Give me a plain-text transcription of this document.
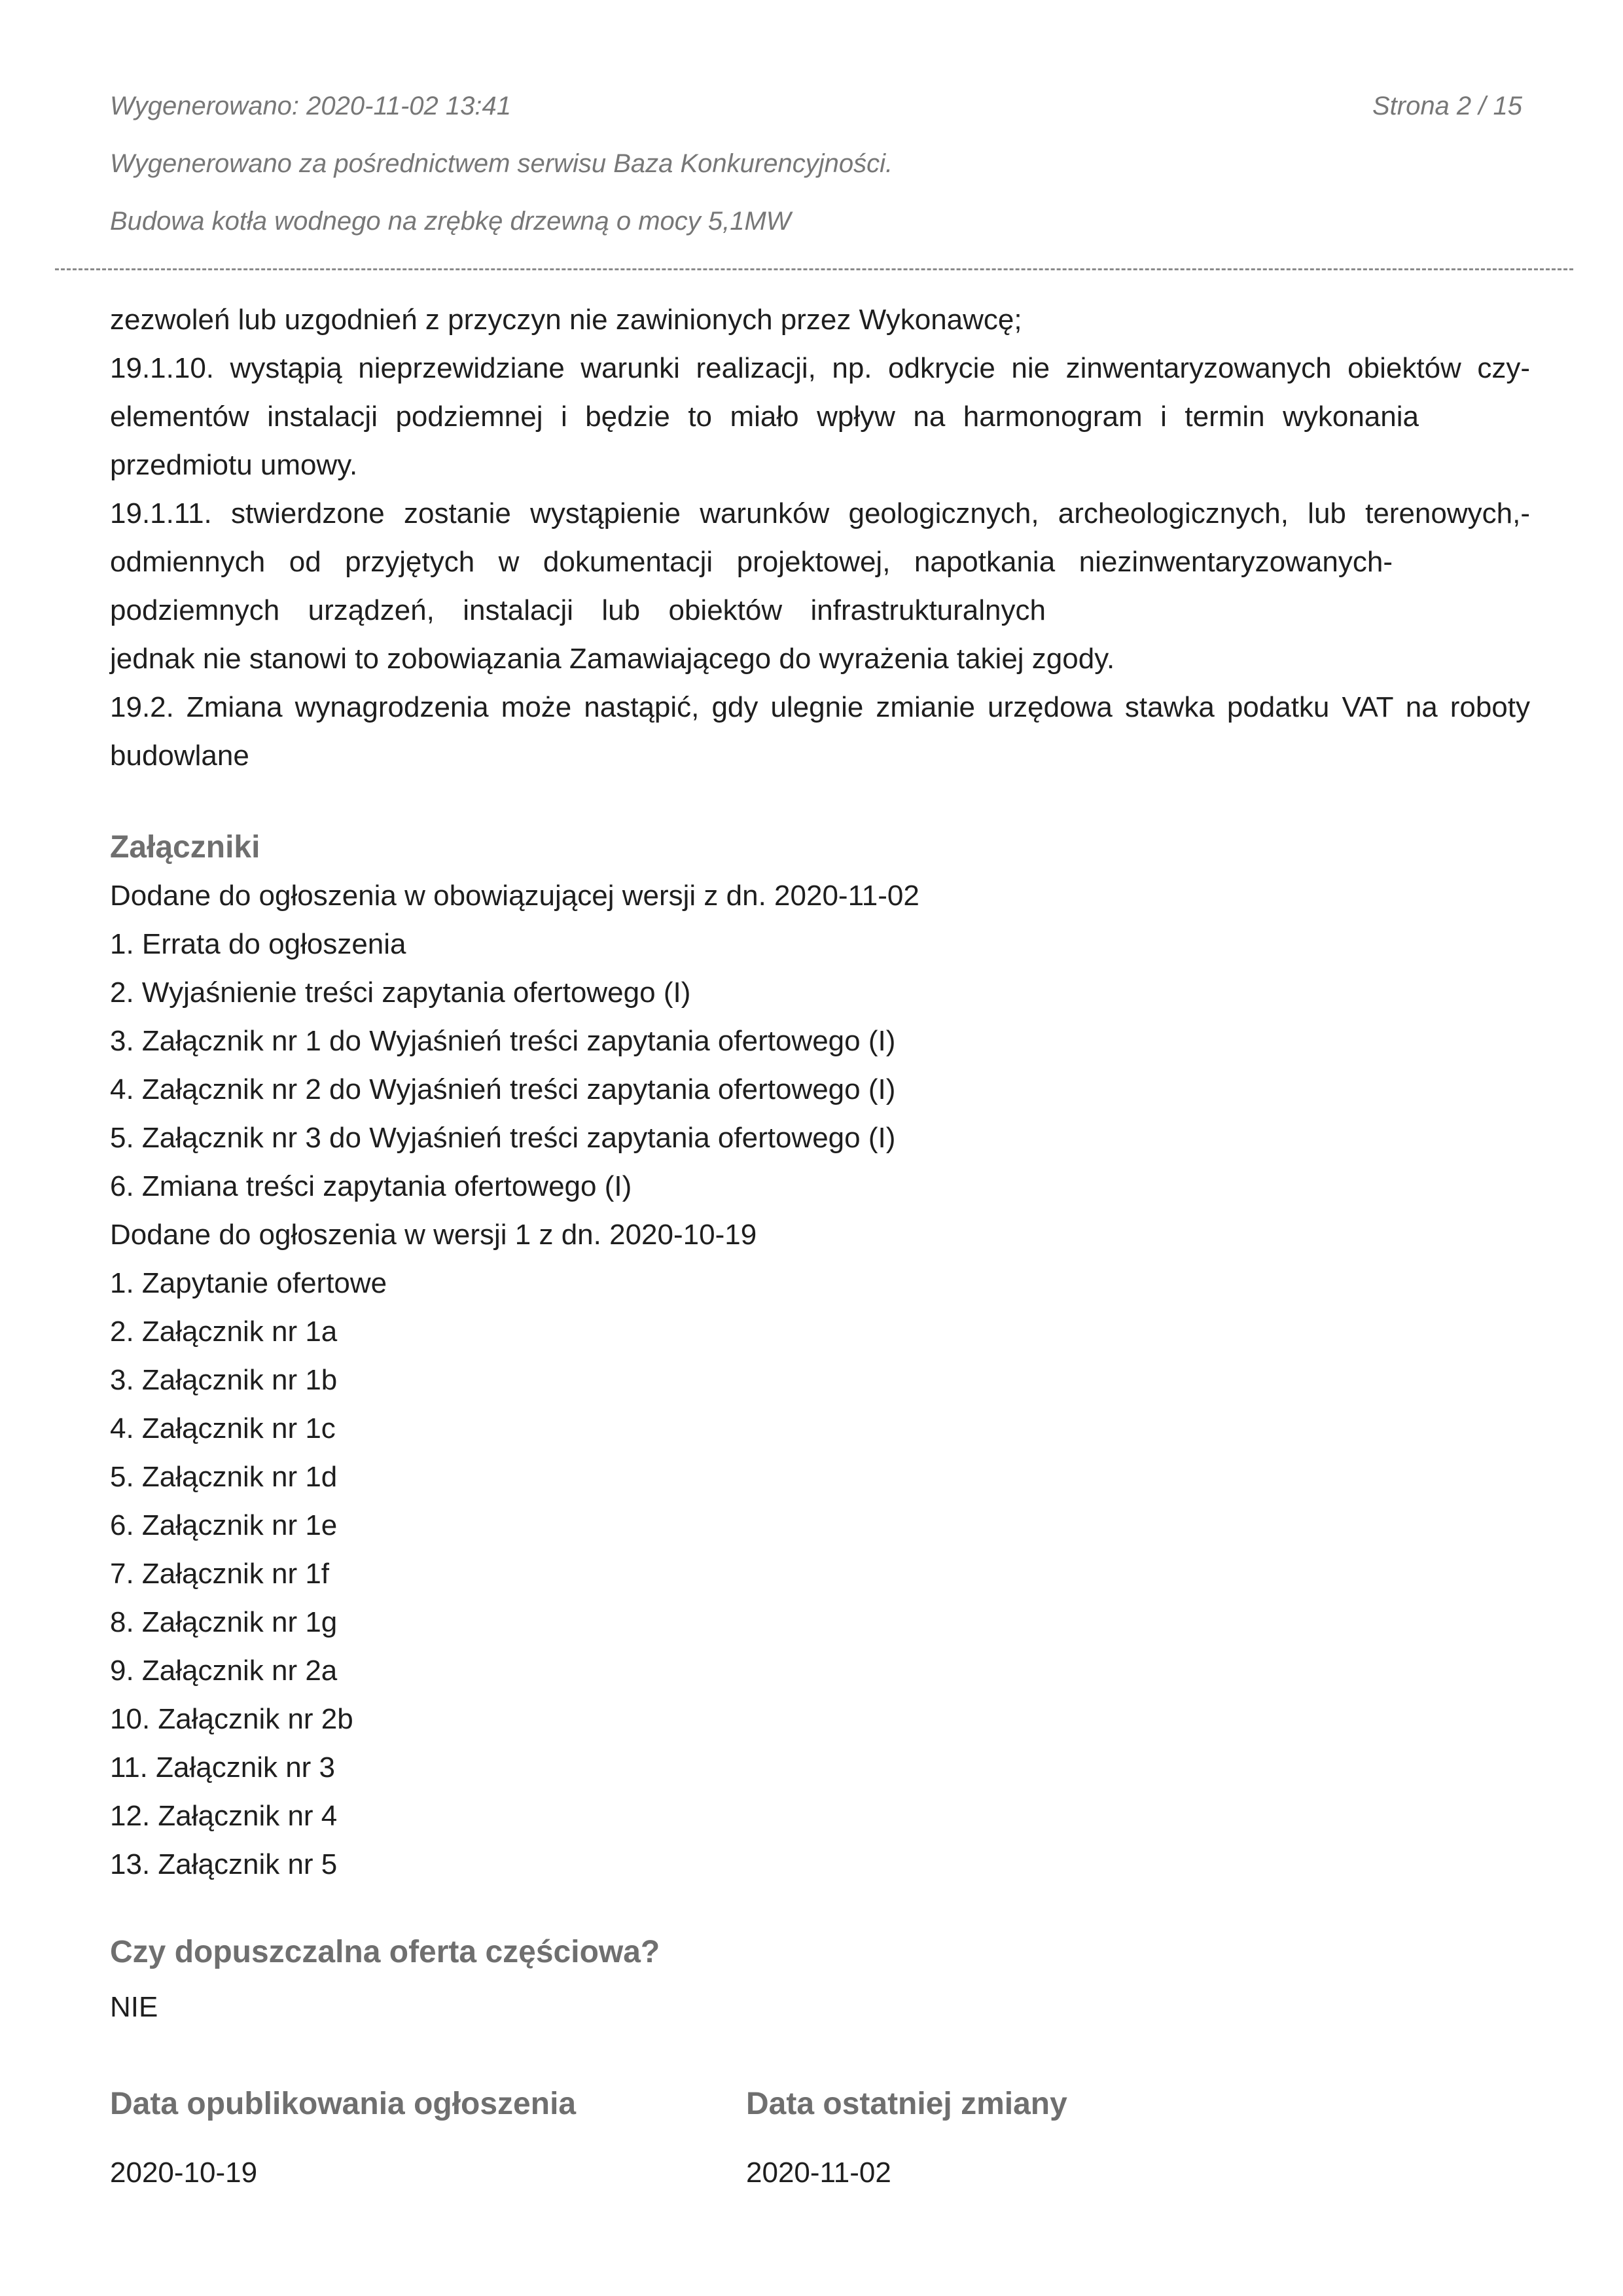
Wygenerowano: 2020-11-02 13:41	Strona 2 / 15
Wygenerowano za pośrednictwem serwisu Baza Konkurencyjności.
Budowa kotła wodnego na zrębkę drzewną o mocy 5,1MW

zezwoleń lub uzgodnień z przyczyn nie zawinionych przez Wykonawcę;

19.1.10. wystąpią nieprzewidziane warunki realizacji, np. odkrycie nie zinwentaryzowanych obiektów czy-

elementów instalacji podziemnej i będzie to miało wpływ na harmonogram i termin wykonania

przedmiotu umowy.

19.1.11. stwierdzone zostanie wystąpienie warunków geologicznych, archeologicznych, lub terenowych,-

odmiennych od przyjętych w dokumentacji projektowej, napotkania niezinwentaryzowanych-

podziemnych urządzeń, instalacji lub obiektów infrastrukturalnych

jednak nie stanowi to zobowiązania Zamawiającego do wyrażenia takiej zgody.

19.2. Zmiana wynagrodzenia może nastąpić, gdy ulegnie zmianie urzędowa stawka podatku VAT na roboty

budowlane

Załączniki

Dodane do ogłoszenia w obowiązującej wersji z dn. 2020-11-02

1. Errata do ogłoszenia
2. Wyjaśnienie treści zapytania ofertowego (I)
3. Załącznik nr 1 do Wyjaśnień treści zapytania ofertowego (I)
4. Załącznik nr 2 do Wyjaśnień treści zapytania ofertowego (I)
5. Załącznik nr 3 do Wyjaśnień treści zapytania ofertowego (I)
6. Zmiana treści zapytania ofertowego (I)

Dodane do ogłoszenia w wersji 1 z dn. 2020-10-19

1. Zapytanie ofertowe
2. Załącznik nr 1a
3. Załącznik nr 1b
4. Załącznik nr 1c
5. Załącznik nr 1d
6. Załącznik nr 1e
7. Załącznik nr 1f
8. Załącznik nr 1g
9. Załącznik nr 2a
10. Załącznik nr 2b
11. Załącznik nr 3
12. Załącznik nr 4
13. Załącznik nr 5
Czy dopuszczalna oferta częściowa?

NIE

Data opublikowania ogłoszenia
2020-10-19
Data ostatniej zmiany
2020-11-02
